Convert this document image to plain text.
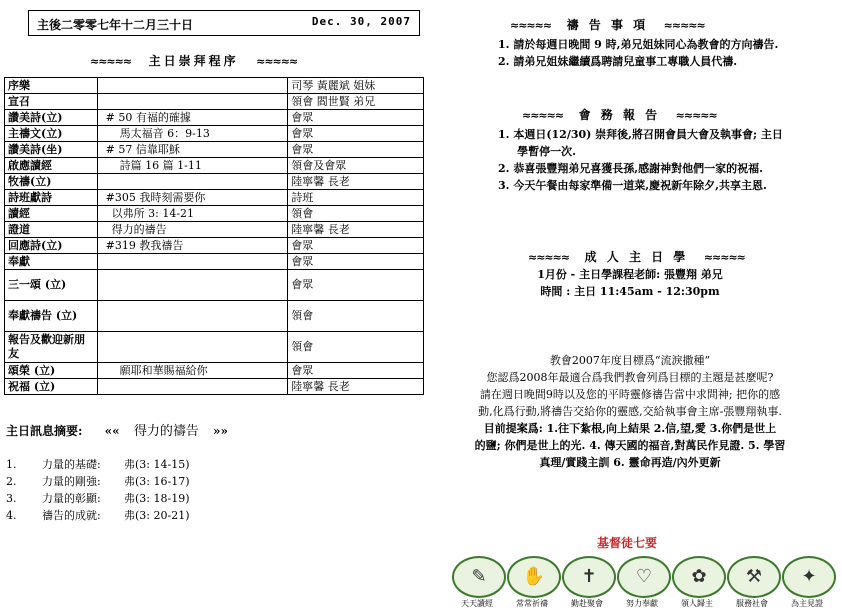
主後二零零七年十二月三十日	Dec. 30, 2007
≈≈≈≈≈ 主日崇拜程序 ≈≈≈≈≈
序樂		司琴 黃麗斌 姐妹
宣召		領會 閻世賢 弟兄
讚美詩(立)	# 50 有福的確據	會眾
主禱文(立)	馬太福音 6：9-13	會眾
讚美詩(坐)	# 57 信靠耶穌	會眾
啟應讀經	詩篇 16 篇 1-11	領會及會眾
牧禱(立)		陸寧馨 長老
詩班獻詩	#305 我時刻需要你	詩班
讀經	以弗所 3: 14-21	領會
證道	得力的禱告	陸寧馨 長老
回應詩(立)	#319 教我禱告	會眾
奉獻		會眾
三一頌 (立)		會眾
奉獻禱告 (立)		領會
報告及歡迎新朋友		領會
頌榮 (立)	願耶和華賜福給你	會眾
祝福 (立)		陸寧馨 長老
主日訊息摘要: «« 得力的禱告 »»
1. 力量的基礎: 弗(3: 14-15)
2. 力量的剛強: 弗(3: 16-17)
3. 力量的彰顯: 弗(3: 18-19)
4. 禱告的成就: 弗(3: 20-21)
≈≈≈≈≈ 禱 告 事 項 ≈≈≈≈≈
1. 請於每週日晚間 9 時,弟兄姐妹同心為教會的方向禱告.
2. 請弟兄姐妹繼續爲聘請兒童事工專職人員代禱.
≈≈≈≈≈ 會 務 報 告 ≈≈≈≈≈
1. 本週日(12/30) 崇拜後,將召開會員大會及執事會; 主日
學暫停一次.
2. 恭喜張豐翔弟兄喜獲長孫,感謝神對他們一家的祝福.
3. 今天午餐由每家準備一道菜,慶祝新年除夕,共享主恩.
≈≈≈≈≈ 成 人 主 日 學 ≈≈≈≈≈
1月份 - 主日學課程老師: 張豐翔 弟兄
時間 : 主日 11:45am - 12:30pm
教會2007年度目標爲“流淚撒種”
您認爲2008年最適合爲我們教會列爲目標的主題是甚麼呢?
請在週日晚間9時以及您的平時靈修禱告當中求問神; 把你的感
動,化爲行動,將禱告交給你的靈感,交給執事會主席-張豐翔執事.
目前提案爲: 1.往下紮根,向上結果 2.信,望,愛 3.你們是世上
的鹽; 你們是世上的光. 4. 傳天國的福音,對萬民作見證. 5. 學習
真理/實踐主訓 6. 靈命再造/內外更新
基督徒七要
✎
天天讀經
✋
常常祈禱
✝
勤赴聚會
♡
努力奉獻
✿
領人歸主
⚒
服務社會
✦
為主見證
